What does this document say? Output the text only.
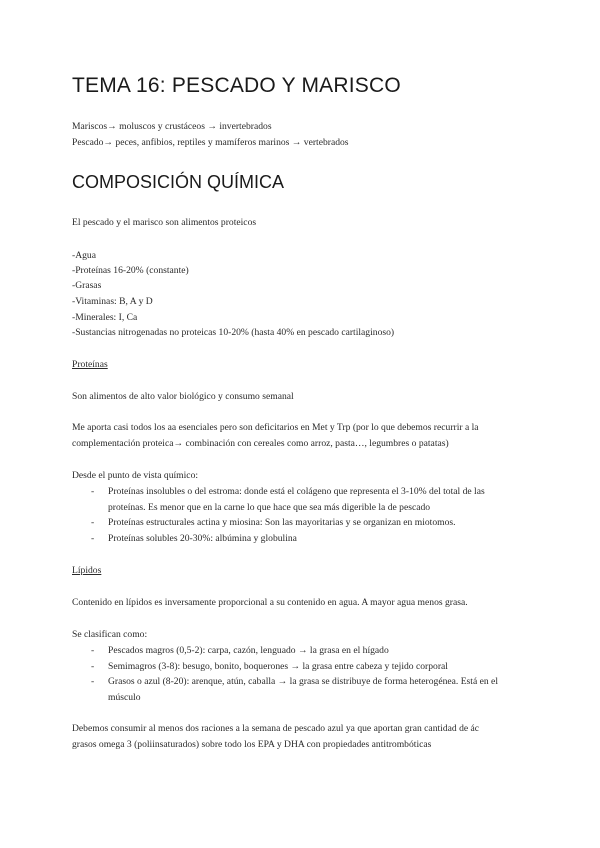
TEMA 16: PESCADO Y MARISCO

Mariscos→ moluscos y crustáceos → invertebrados

Pescado→ peces, anfibios, reptiles y mamíferos marinos → vertebrados

COMPOSICIÓN QUÍMICA

El pescado y el marisco son alimentos proteicos

-Agua

-Proteínas 16-20% (constante)

-Grasas

-Vitaminas: B, A y D

-Minerales: I, Ca

-Sustancias nitrogenadas no proteicas 10-20% (hasta 40% en pescado cartilaginoso)

Proteínas

Son alimentos de alto valor biológico y consumo semanal

Me aporta casi todos los aa esenciales pero son deficitarios en Met y Trp (por lo que debemos recurrir a la

complementación proteica→ combinación con cereales como arroz, pasta…, legumbres o patatas)

Desde el punto de vista químico:

- Proteínas insolubles o del estroma: donde está el colágeno que representa el 3-10% del total de las

proteínas. Es menor que en la carne lo que hace que sea más digerible la de pescado

- Proteínas estructurales actina y miosina: Son las mayoritarias y se organizan en miotomos.

- Proteínas solubles 20-30%: albúmina y globulina

Lípidos

Contenido en lípidos es inversamente proporcional a su contenido en agua. A mayor agua menos grasa.

Se clasifican como:

- Pescados magros (0,5-2): carpa, cazón, lenguado → la grasa en el hígado

- Semimagros (3-8): besugo, bonito, boquerones → la grasa entre cabeza y tejido corporal

- Grasos o azul (8-20): arenque, atún, caballa → la grasa se distribuye de forma heterogénea. Está en el

músculo

Debemos consumir al menos dos raciones a la semana de pescado azul ya que aportan gran cantidad de ác

grasos omega 3 (poliinsaturados) sobre todo los EPA y DHA con propiedades antitrombóticas
